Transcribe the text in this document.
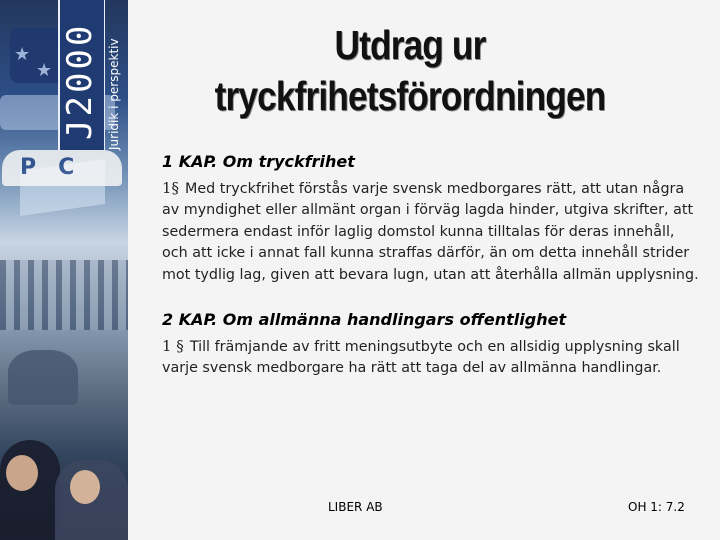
★
★
PC
J2000 Juridik i perspektiv	Utdrag ur
tryckfrihetsförordningen

1 KAP. Om tryckfrihet

1§ Med tryckfrihet förstås varje svensk medborgares rätt, att utan några av myndighet eller allmänt organ i förväg lagda hinder, utgiva skrifter, att sedermera endast inför laglig domstol kunna tilltalas för deras innehåll, och att icke i annat fall kunna straffas därför, än om detta innehåll strider mot tydlig lag, given att bevara lugn, utan att återhålla allmän upplysning.

2 KAP. Om allmänna handlingars offentlighet

1 § Till främjande av fritt meningsutbyte och en allsidig upplysning skall varje svensk medborgare ha rätt att taga del av allmänna handlingar.

LIBER AB	OH 1: 7.2
